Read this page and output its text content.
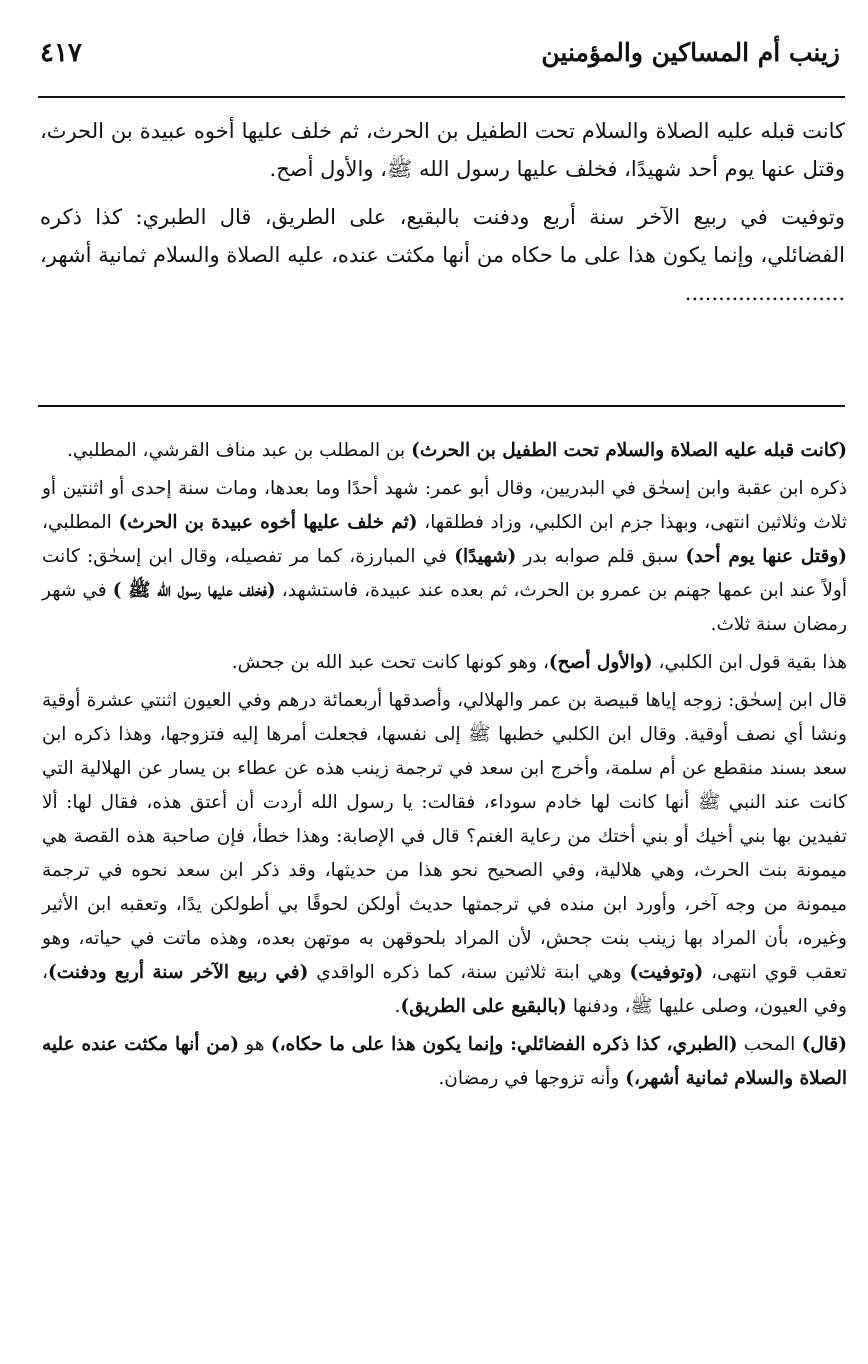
زينب أم المساكين والمؤمنين
٤١٧

كانت قبله عليه الصلاة والسلام تحت الطفيل بن الحرث، ثم خلف عليها أخوه عبيدة بن الحرث، وقتل عنها يوم أحد شهيدًا، فخلف عليها رسول الله ﷺ، والأول أصح.

وتوفيت في ربيع الآخر سنة أربع ودفنت بالبقيع، على الطريق، قال الطبري: كذا ذكره الفضائلي، وإنما يكون هذا على ما حكاه من أنها مكثت عنده، عليه الصلاة والسلام ثمانية أشهر، ........................

(كانت قبله عليه الصلاة والسلام تحت الطفيل بن الحرث) بن المطلب بن عبد مناف القرشي، المطلبي.

ذكره ابن عقبة وابن إسحٰق في البدريين، وقال أبو عمر: شهد أحدًا وما بعدها، ومات سنة إحدى أو اثنتين أو ثلاث وثلاثين انتهى، وبهذا جزم ابن الكلبي، وزاد فطلقها، (ثم خلف عليها أخوه عبيدة بن الحرث) المطلبي، (وقتل عنها يوم أحد) سبق قلم صوابه بدر (شهيدًا) في المبارزة، كما مر تفصيله، وقال ابن إسحٰق: كانت أولاً عند ابن عمها جهنم بن عمرو بن الحرث، ثم بعده عند عبيدة، فاستشهد، (فخلف عليها رسول الله ﷺ ) في شهر رمضان سنة ثلاث.

هذا بقية قول ابن الكلبي، (والأول أصح)، وهو كونها كانت تحت عبد الله بن جحش.

قال ابن إسحٰق: زوجه إياها قبيصة بن عمر والهلالي، وأصدقها أربعمائة درهم وفي العيون اثنتي عشرة أوقية ونشا أي نصف أوقية. وقال ابن الكلبي خطبها ﷺ إلى نفسها، فجعلت أمرها إليه فتزوجها، وهذا ذكره ابن سعد بسند منقطع عن أم سلمة، وأخرج ابن سعد في ترجمة زينب هذه عن عطاء بن يسار عن الهلالية التي كانت عند النبي ﷺ أنها كانت لها خادم سوداء، فقالت: يا رسول الله أردت أن أعتق هذه، فقال لها: ألا تفيدين بها بني أخيك أو بني أختك من رعاية الغنم؟ قال في الإصابة: وهذا خطأ، فإن صاحبة هذه القصة هي ميمونة بنت الحرث، وهي هلالية، وفي الصحيح نحو هذا من حديثها، وقد ذكر ابن سعد نحوه في ترجمة ميمونة من وجه آخر، وأورد ابن منده في ترجمتها حديث أولكن لحوقًا بي أطولكن يدًا، وتعقبه ابن الأثير وغيره، بأن المراد بها زينب بنت جحش، لأن المراد بلحوقهن به موتهن بعده، وهذه ماتت في حياته، وهو تعقب قوي انتهى، (وتوفيت) وهي ابنة ثلاثين سنة، كما ذكره الواقدي (في ربيع الآخر سنة أربع ودفنت)، وفي العيون، وصلى عليها ﷺ، ودفنها (بالبقيع على الطريق).

(قال) المحب (الطبري، كذا ذكره الفضائلي: وإنما يكون هذا على ما حكاه،) هو (من أنها مكثت عنده عليه الصلاة والسلام ثمانية أشهر،) وأنه تزوجها في رمضان.
